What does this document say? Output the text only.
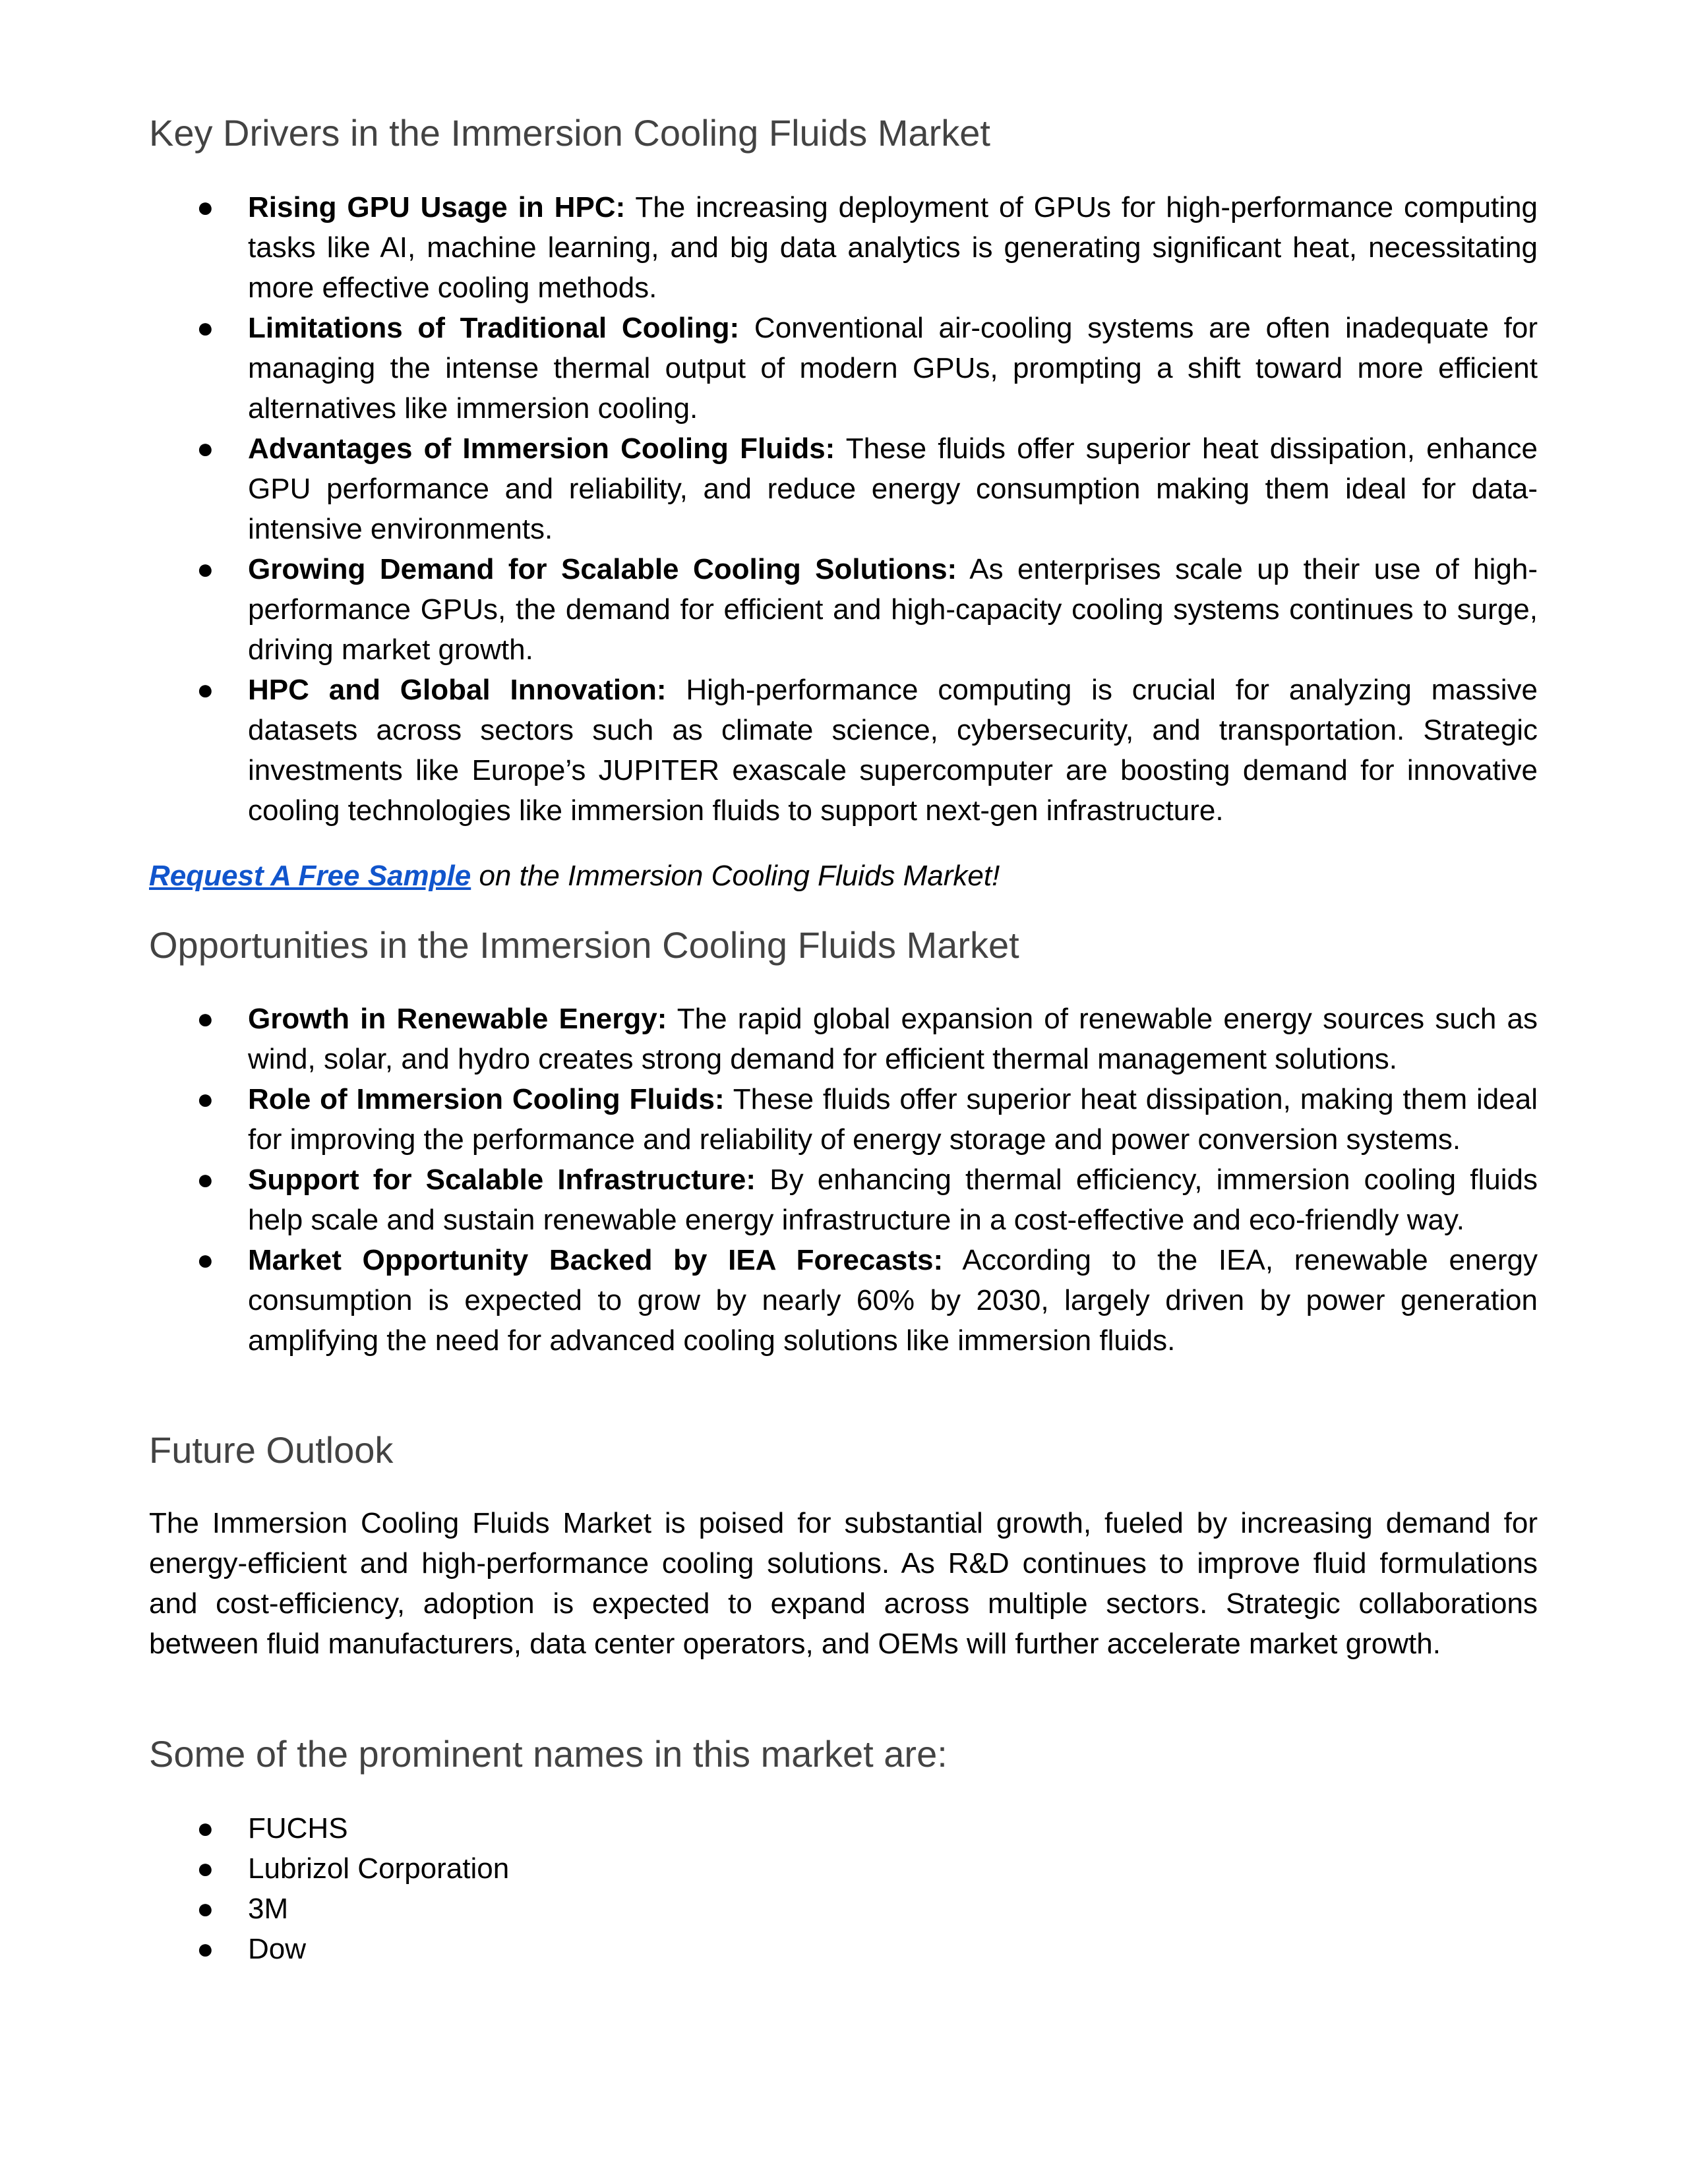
Key Drivers in the Immersion Cooling Fluids Market
● Rising GPU Usage in HPC: The increasing deployment of GPUs for high-performance computing tasks like AI, machine learning, and big data analytics is generating significant heat, necessitating more effective cooling methods.
● Limitations of Traditional Cooling: Conventional air-cooling systems are often inadequate for managing the intense thermal output of modern GPUs, prompting a shift toward more efficient alternatives like immersion cooling.
● Advantages of Immersion Cooling Fluids: These fluids offer superior heat dissipation, enhance GPU performance and reliability, and reduce energy consumption making them ideal for data-intensive environments.
● Growing Demand for Scalable Cooling Solutions: As enterprises scale up their use of high-performance GPUs, the demand for efficient and high-capacity cooling systems continues to surge, driving market growth.
● HPC and Global Innovation: High-performance computing is crucial for analyzing massive datasets across sectors such as climate science, cybersecurity, and transportation. Strategic investments like Europe’s JUPITER exascale supercomputer are boosting demand for innovative cooling technologies like immersion fluids to support next-gen infrastructure.

Request A Free Sample on the Immersion Cooling Fluids Market!

Opportunities in the Immersion Cooling Fluids Market
● Growth in Renewable Energy: The rapid global expansion of renewable energy sources such as wind, solar, and hydro creates strong demand for efficient thermal management solutions.
● Role of Immersion Cooling Fluids: These fluids offer superior heat dissipation, making them ideal for improving the performance and reliability of energy storage and power conversion systems.
● Support for Scalable Infrastructure: By enhancing thermal efficiency, immersion cooling fluids help scale and sustain renewable energy infrastructure in a cost-effective and eco-friendly way.
● Market Opportunity Backed by IEA Forecasts: According to the IEA, renewable energy consumption is expected to grow by nearly 60% by 2030, largely driven by power generation amplifying the need for advanced cooling solutions like immersion fluids.
Future Outlook

The Immersion Cooling Fluids Market is poised for substantial growth, fueled by increasing demand for energy-efficient and high-performance cooling solutions. As R&D continues to improve fluid formulations and cost-efficiency, adoption is expected to expand across multiple sectors. Strategic collaborations between fluid manufacturers, data center operators, and OEMs will further accelerate market growth.

Some of the prominent names in this market are:
● FUCHS
● Lubrizol Corporation
● 3M
● Dow
